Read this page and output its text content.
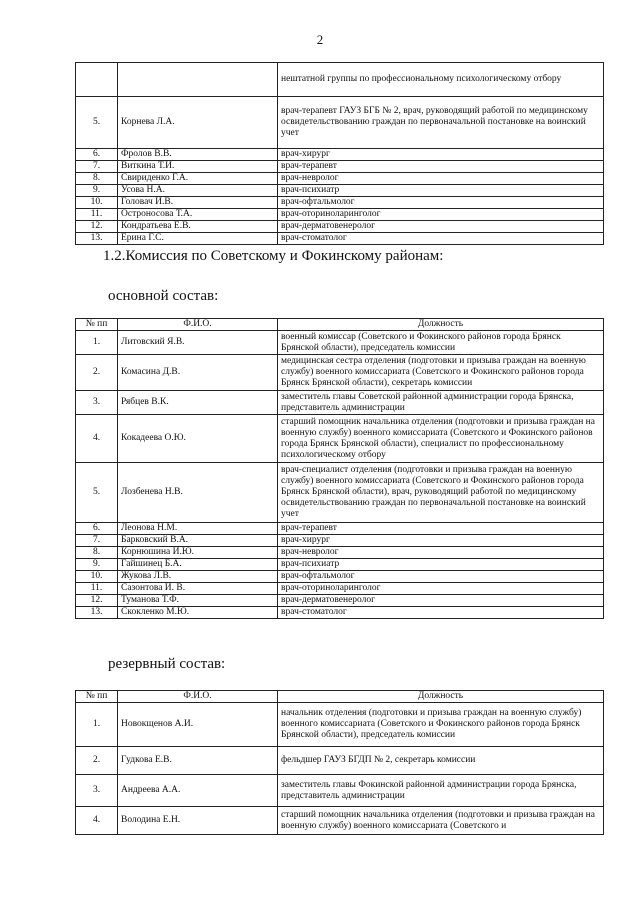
2
		нештатной группы по профессиональному психологическому отбору
5.	Корнева Л.А.	врач-терапевт ГАУЗ БГБ № 2, врач, руководящий работой по медицинскому освидетельствованию граждан по первоначальной постановке на воинский учет
6.	Фролов В.В.	врач-хирург
7.	Виткина Т.И.	врач-терапевт
8.	Свириденко Г.А.	врач-невролог
9.	Усова Н.А.	врач-психиатр
10.	Головач И.В.	врач-офтальмолог
11.	Остроносова Т.А.	врач-оториноларинголог
12.	Кондратьева Е.В.	врач-дерматовенеролог
13.	Ерина Г.С.	врач-стоматолог
1.2.Комиссия по Советскому и Фокинскому районам:
основной состав:
№ пп	Ф.И.О.	Должность
1.	Литовский Я.В.	военный комиссар (Советского и Фокинского районов города Брянск Брянской области), председатель комиссии
2.	Комасина Д.В.	медицинская сестра отделения (подготовки и призыва граждан на военную службу) военного комиссариата (Советского и Фокинского районов города Брянск Брянской области), секретарь комиссии
3.	Рябцев В.К.	заместитель главы Советской районной администрации города Брянска, представитель администрации
4.	Кокадеева О.Ю.	старший помощник начальника отделения (подготовки и призыва граждан на военную службу) военного комиссариата (Советского и Фокинского районов города Брянск Брянской области), специалист по профессиональному психологическому отбору
5.	Лозбенева Н.В.	врач-специалист отделения (подготовки и призыва граждан на военную службу) военного комиссариата (Советского и Фокинского районов города Брянск Брянской области), врач, руководящий работой по медицинскому освидетельствованию граждан по первоначальной постановке на воинский учет
6.	Леонова Н.М.	врач-терапевт
7.	Барковский В.А.	врач-хирург
8.	Корнюшина И.Ю.	врач-невролог
9.	Гайшинец Б.А.	врач-психиатр
10.	Жукова Л.В.	врач-офтальмолог
11.	Сазонтова И. В.	врач-оториноларинголог
12.	Туманова Т.Ф.	врач-дерматовенеролог
13.	Скокленко М.Ю.	врач-стоматолог
резервный состав:
№ пп	Ф.И.О.	Должность
1.	Новокщенов А.И.	начальник отделения (подготовки и призыва граждан на военную службу) военного комиссариата (Советского и Фокинского районов города Брянск Брянской области), председатель комиссии
2.	Гудкова Е.В.	фельдшер ГАУЗ БГДП № 2, секретарь комиссии
3.	Андреева А.А.	заместитель главы Фокинской районной администрации города Брянска, представитель администрации
4.	Володина Е.Н.	старший помощник начальника отделения (подготовки и призыва граждан на военную службу) военного комиссариата (Советского и
